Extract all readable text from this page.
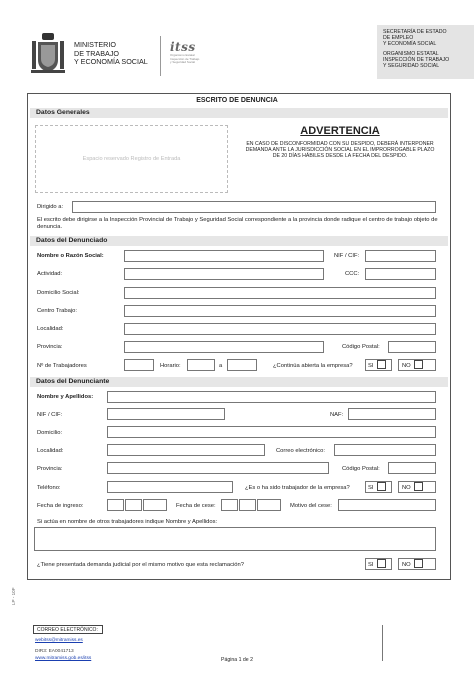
MINISTERIO
DE TRABAJO
Y ECONOMÍA SOCIAL
itss
Organismo Estatal
Inspección de Trabajo
y Seguridad Social
SECRETARÍA DE ESTADO
DE EMPLEO
Y ECONOMÍA SOCIAL
ORGANISMO ESTATAL
INSPECCIÓN DE TRABAJO
Y SEGURIDAD SOCIAL
ESCRITO DE DENUNCIA
Datos Generales
Espacio reservado Registro de Entrada
ADVERTENCIA
EN CASO DE DISCONFORMIDAD CON SU DESPIDO, DEBERÁ INTERPONER DEMANDA ANTE LA JURISDICCIÓN SOCIAL EN EL IMPRORROGABLE PLAZO DE 20 DÍAS HÁBILES DESDE LA FECHA DEL DESPIDO.
Dirigido a:
El escrito debe dirigirse a la Inspección Provincial de Trabajo y Seguridad Social correspondiente a la provincia donde radique el centro de trabajo objeto de denuncia.
Datos del Denunciado
Nombre o Razón Social:	NIF / CIF:
Actividad:	CCC:
Domicilio Social:
Centro Trabajo:
Localidad:
Provincia:	Código Postal:
Nº de Trabajadores	Horario:	a	¿Continúa abierta la empresa?	SI	NO
Datos del Denunciante
Nombre y Apellidos:
NIF / CIF:	NAF:
Domicilio:
Localidad:	Correo electrónico:
Provincia:	Código Postal:
Teléfono:	¿Es o ha sido trabajador de la empresa?	SI	NO
Fecha de ingreso:	Fecha de cese:	Motivo del cese:
Si actúa en nombre de otros trabajadores indique Nombre y Apellidos:
¿Tiene presentada demanda judicial por el mismo motivo que esta reclamación?	SI	NO
LP - 10F
CORREO ELECTRÓNICO:
webitss@mitramiss.es
DIR3: EA0041713
www.mitramiss.gob.es/itss	Página 1 de 2
